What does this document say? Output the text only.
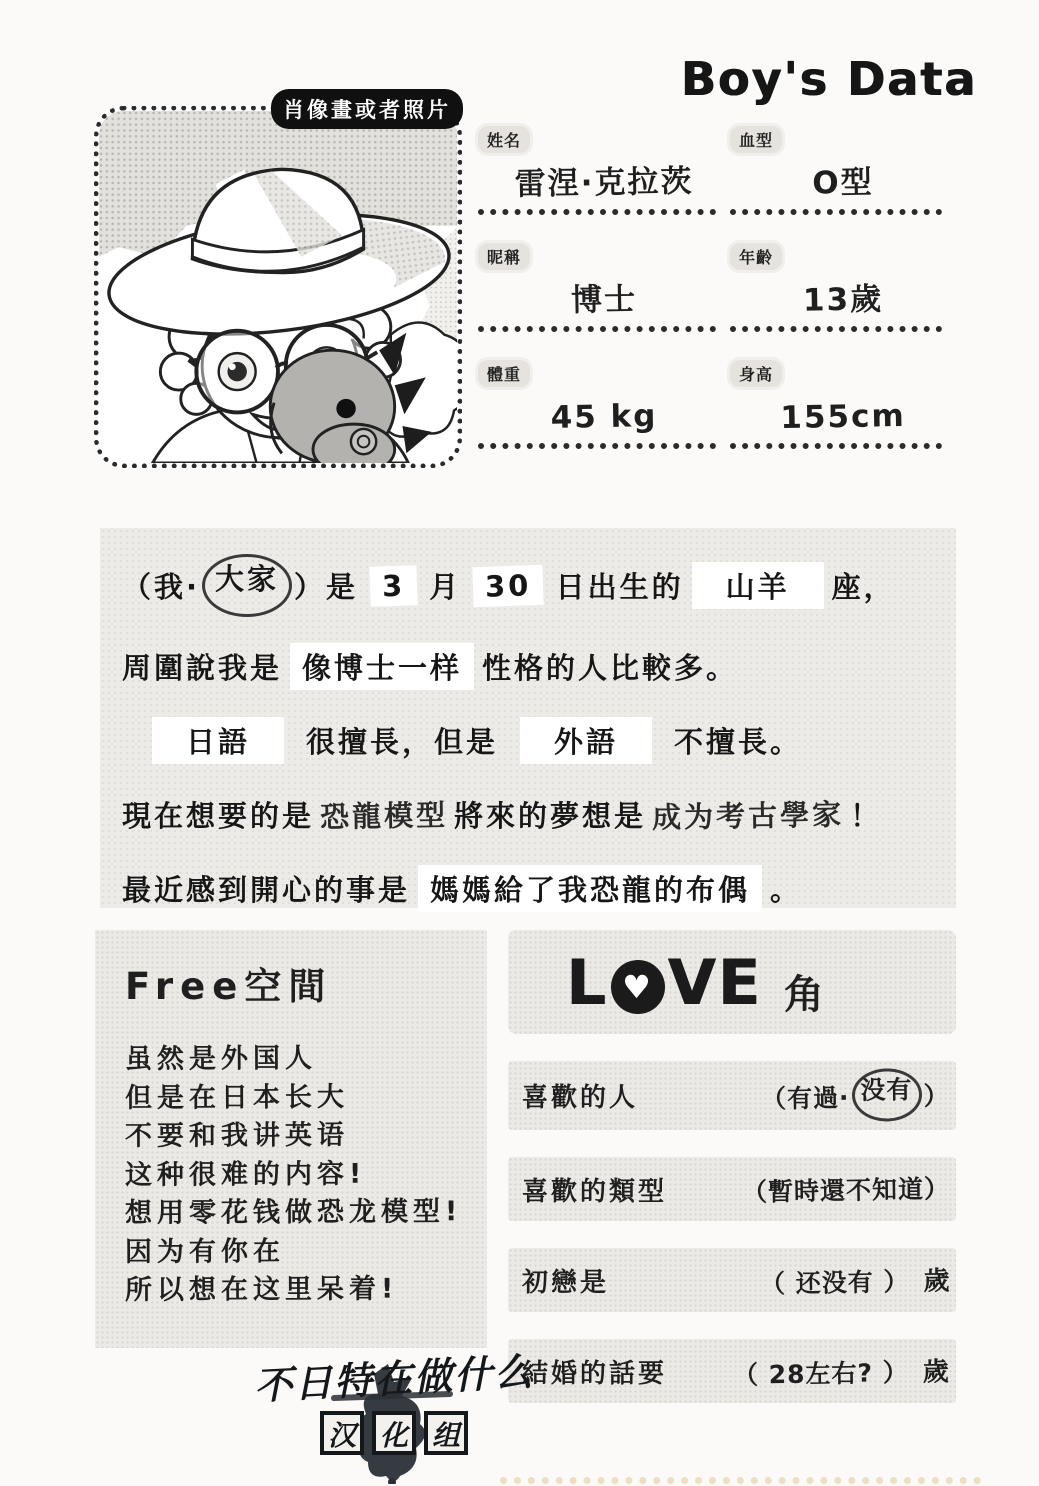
Boy's Data
肖像畫或者照片
姓名
雷涅·克拉茨
血型
O型
昵稱
博士
年齡
13歲
體重
45 kg
身高
155cm
（我· 大家 ）是 3 月 30 日出生的	山羊	座，
周圍說我是 像博士一样 性格的人比較多。
日語	很擅長，但是	外語	不擅長。
現在想要的是 恐龍模型 將來的夢想是 成为考古學家 ！
最近感到開心的事是 媽媽給了我恐龍的布偶 。
Free空間
虽然是外国人
但是在日本长大
不要和我讲英语
这种很难的内容!
想用零花钱做恐龙模型!
因为有你在
所以想在这里呆着!
L ♥ VE 角
喜歡的人	（有過· 没有 ）
喜歡的類型	（暫時還不知道）
初戀是	（ 还没有 ） 歲
結婚的話要	（ 28左右? ） 歲
不日特在做什么
汉 化 组
